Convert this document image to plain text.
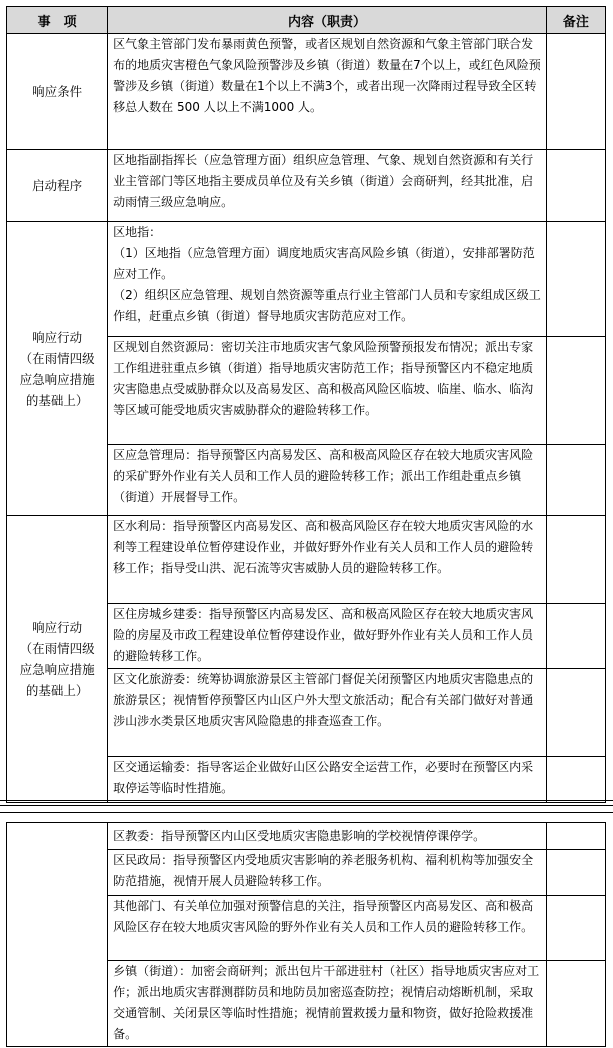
事　项	内容（职责）	备注
响应条件	区气象主管部门发布暴雨黄色预警，或者区规划自然资源和气象主管部门联合发布的地质灾害橙色气象风险预警涉及乡镇（街道）数量在7个以上，或红色风险预警涉及乡镇（街道）数量在1个以上不满3个，或者出现一次降雨过程导致全区转移总人数在 500 人以上不满1000 人。	
启动程序	区地指副指挥长（应急管理方面）组织应急管理、气象、规划自然资源和有关行业主管部门等区地指主要成员单位及有关乡镇（街道）会商研判，经其批准，启动雨情三级应急响应。	

响应行动
（在雨情四级
应急响应措施
的基础上）	区地指：
（1）区地指（应急管理方面）调度地质灾害高风险乡镇（街道），安排部署防范应对工作。
（2）组织区应急管理、规划自然资源等重点行业主管部门人员和专家组成区级工作组，赶重点乡镇（街道）督导地质灾害防范应对工作。	

	区规划自然资源局：密切关注市地质灾害气象风险预警预报发布情况；派出专家工作组进驻重点乡镇（街道）指导地质灾害防范工作；指导预警区内不稳定地质灾害隐患点受威胁群众以及高易发区、高和极高风险区临坡、临崖、临水、临沟等区域可能受地质灾害威胁群众的避险转移工作。	
	区应急管理局：指导预警区内高易发区、高和极高风险区存在较大地质灾害风险的采矿野外作业有关人员和工作人员的避险转移工作；派出工作组赴重点乡镇（街道）开展督导工作。	

响应行动
（在雨情四级
应急响应措施
的基础上）	区水利局：指导预警区内高易发区、高和极高风险区存在较大地质灾害风险的水利等工程建设单位暂停建设作业，并做好野外作业有关人员和工作人员的避险转移工作；指导受山洪、泥石流等灾害威胁人员的避险转移工作。	
	区住房城乡建委：指导预警区内高易发区、高和极高风险区存在较大地质灾害风险的房屋及市政工程建设单位暂停建设作业，做好野外作业有关人员和工作人员的避险转移工作。	
	区文化旅游委：统筹协调旅游景区主管部门督促关闭预警区内地质灾害隐患点的旅游景区；视情暂停预警区内山区户外大型文旅活动；配合有关部门做好对普通涉山涉水类景区地质灾害风险隐患的排查巡查工作。	
	区交通运输委：指导客运企业做好山区公路安全运营工作，必要时在预警区内采取停运等临时性措施。	
	区教委：指导预警区内山区受地质灾害隐患影响的学校视情停课停学。	
	区民政局：指导预警区内受地质灾害影响的养老服务机构、福利机构等加强安全防范措施，视情开展人员避险转移工作。	
	其他部门、有关单位加强对预警信息的关注，指导预警区内高易发区、高和极高风险区存在较大地质灾害风险的野外作业有关人员和工作人员的避险转移工作。	
	乡镇（街道）：加密会商研判；派出包片干部进驻村（社区）指导地质灾害应对工作；派出地质灾害群测群防员和地防员加密巡查防控；视情启动熔断机制，采取交通管制、关闭景区等临时性措施；视情前置救援力量和物资，做好抢险救援准备。	
